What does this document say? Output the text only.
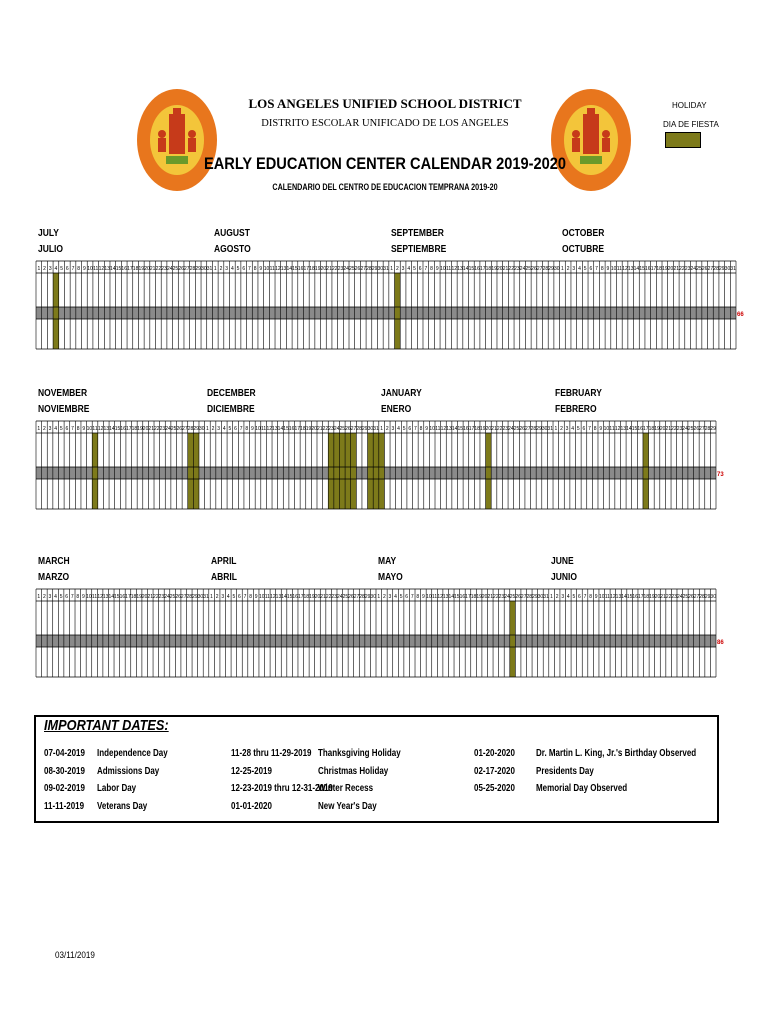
LOS ANGELES UNIFIED SCHOOL DISTRICT
DISTRITO ESCOLAR UNIFICADO DE LOS ANGELES
EARLY EDUCATION CENTER CALENDAR 2019-2020
CALENDARIO DEL CENTRO DE EDUCACION TEMPRANA 2019-20
HOLIDAY
DIA DE FIESTA
JULY
JULIO
AUGUST
AGOSTO
SEPTEMBER
SEPTIEMBRE
OCTOBER
OCTUBRE
1 2 3 4 5 6 7 8 9 10 11 12 13 14 15 16 17 18 19 20 21 22 23 24 25 26 27 28 29 30 31 1 2 3 4 5 6 7 8 9 10 11 12 13 14 15 16 17 18 19 20 21 22 23 24 25 26 27 28 29 30 31 1 2 3 4 5 6 7 8 9 10 11 12 13 14 15 16 17 18 19 20 21 22 23 24 25 26 27 28 29 30 1 2 3 4 5 6 7 8 9 10 11 12 13 14 15 16 17 18 19 20 21 22 23 24 25 26 27 28 29 30 31
66
NOVEMBER
NOVIEMBRE
DECEMBER
DICIEMBRE
JANUARY
ENERO
FEBRUARY
FEBRERO
1 2 3 4 5 6 7 8 9 10 11 12 13 14 15 16 17 18 19 20 21 22 23 24 25 26 27 28 29 30 1 2 3 4 5 6 7 8 9 10 11 12 13 14 15 16 17 18 19 20 21 22 23 24 25 26 27 28 29 30 31 1 2 3 4 5 6 7 8 9 10 11 12 13 14 15 16 17 18 19 20 21 22 23 24 25 26 27 28 29 30 31 1 2 3 4 5 6 7 8 9 10 11 12 13 14 15 16 17 18 19 20 21 22 23 24 25 26 27 28 29
73
MARCH
MARZO
APRIL
ABRIL
MAY
MAYO
JUNE
JUNIO
1 2 3 4 5 6 7 8 9 10 11 12 13 14 15 16 17 18 19 20 21 22 23 24 25 26 27 28 29 30 31 1 2 3 4 5 6 7 8 9 10 11 12 13 14 15 16 17 18 19 20 21 22 23 24 25 26 27 28 29 30 1 2 3 4 5 6 7 8 9 10 11 12 13 14 15 16 17 18 19 20 21 22 23 24 25 26 27 28 29 30 31 1 2 3 4 5 6 7 8 9 10 11 12 13 14 15 16 17 18 19 20 21 22 23 24 25 26 27 28 29 30
86
IMPORTANT DATES:
07-04-2019 Independence Day
08-30-2019 Admissions Day
09-02-2019 Labor Day
11-11-2019 Veterans Day
11-28 thru 11-29-2019 Thanksgiving Holiday
12-25-2019	Christmas Holiday
12-23-2019 thru 12-31-2019
Winter Recess
01-01-2020	New Year's Day
01-20-2020 Dr. Martin L. King, Jr.'s Birthday Observed
02-17-2020 Presidents Day
05-25-2020 Memorial Day Observed
03/11/2019
